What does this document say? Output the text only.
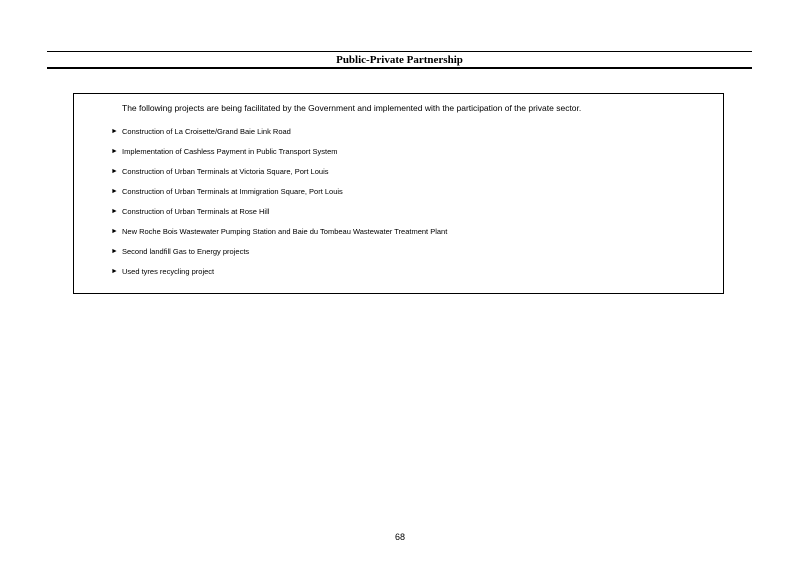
Public-Private Partnership
The following projects are being facilitated by the Government and implemented with the participation of the private sector.
► Construction of La Croisette/Grand Baie Link Road
► Implementation of Cashless Payment in Public Transport System
► Construction of Urban Terminals at Victoria Square, Port Louis
► Construction of Urban Terminals at Immigration Square, Port Louis
► Construction of Urban Terminals at Rose Hill
► New Roche Bois Wastewater Pumping Station and Baie du Tombeau Wastewater Treatment Plant
► Second landfill Gas to Energy projects
► Used tyres recycling project
68
